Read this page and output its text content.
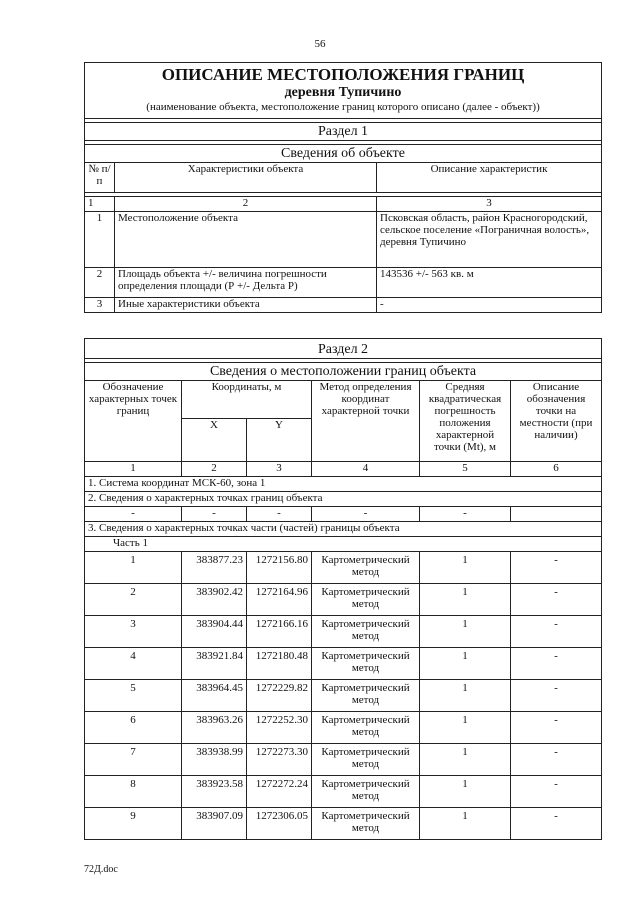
56
ОПИСАНИЕ МЕСТОПОЛОЖЕНИЯ ГРАНИЦ		
деревня Тупичино		
(наименование объекта, местоположение границ которого описано (далее - объект))		

Раздел 1		

Сведения об объекте		
№ п/п	Характеристики объекта	Описание характеристик

1	2	3
1	Местоположение объекта	Псковская область, район Красногородский, сельское поселение «Пограничная волость», деревня Тупичино
2	Площадь объекта +/- величина погрешности определения площади (Р +/- Дельта Р)	143536 +/- 563 кв. м
3	Иные характеристики объекта	-
Раздел 2					

Сведения о местоположении границ объекта					
Обозначение характерных точек границ	Координаты, м		Метод определения координат характерной точки	Средняя квадратическая погрешность положения характерной точки (Mt), м	Описание обозначения точки на местности (при наличии)
	X	Y			
1	2	3	4	5	6
1. Система координат МСК-60, зона 1					
2. Сведения о характерных точках границ объекта					
-	-	-	-	-	
3. Сведения о характерных точках части (частей) границы объекта					
Часть 1					
1	383877.23	1272156.80	Картометрический метод	1	-
2	383902.42	1272164.96	Картометрический метод	1	-
3	383904.44	1272166.16	Картометрический метод	1	-
4	383921.84	1272180.48	Картометрический метод	1	-
5	383964.45	1272229.82	Картометрический метод	1	-
6	383963.26	1272252.30	Картометрический метод	1	-
7	383938.99	1272273.30	Картометрический метод	1	-
8	383923.58	1272272.24	Картометрический метод	1	-
9	383907.09	1272306.05	Картометрический метод	1	-
72Д.doc
